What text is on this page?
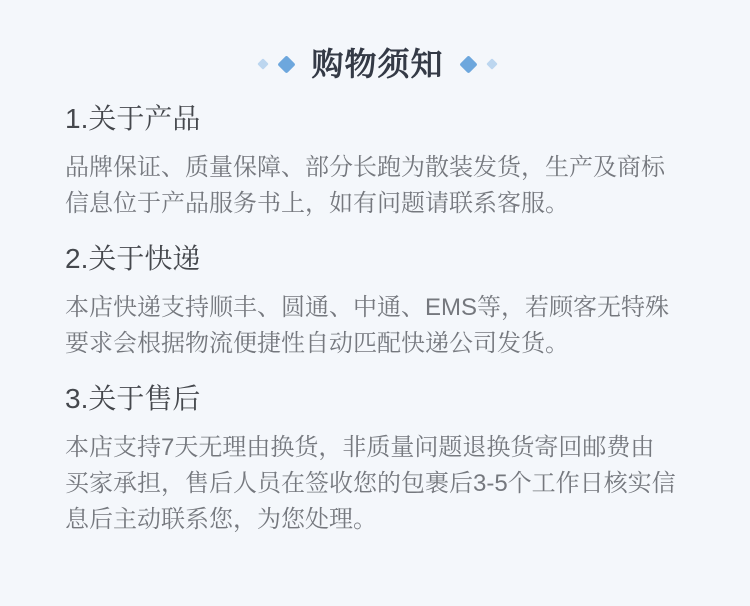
购物须知
1.关于产品
品牌保证、质量保障、部分长跑为散装发货，生产及商标
信息位于产品服务书上，如有问题请联系客服。
2.关于快递
本店快递支持顺丰、圆通、中通、EMS等，若顾客无特殊
要求会根据物流便捷性自动匹配快递公司发货。
3.关于售后
本店支持7天无理由换货，非质量问题退换货寄回邮费由
买家承担，售后人员在签收您的包裹后3-5个工作日核实信
息后主动联系您，为您处理。
